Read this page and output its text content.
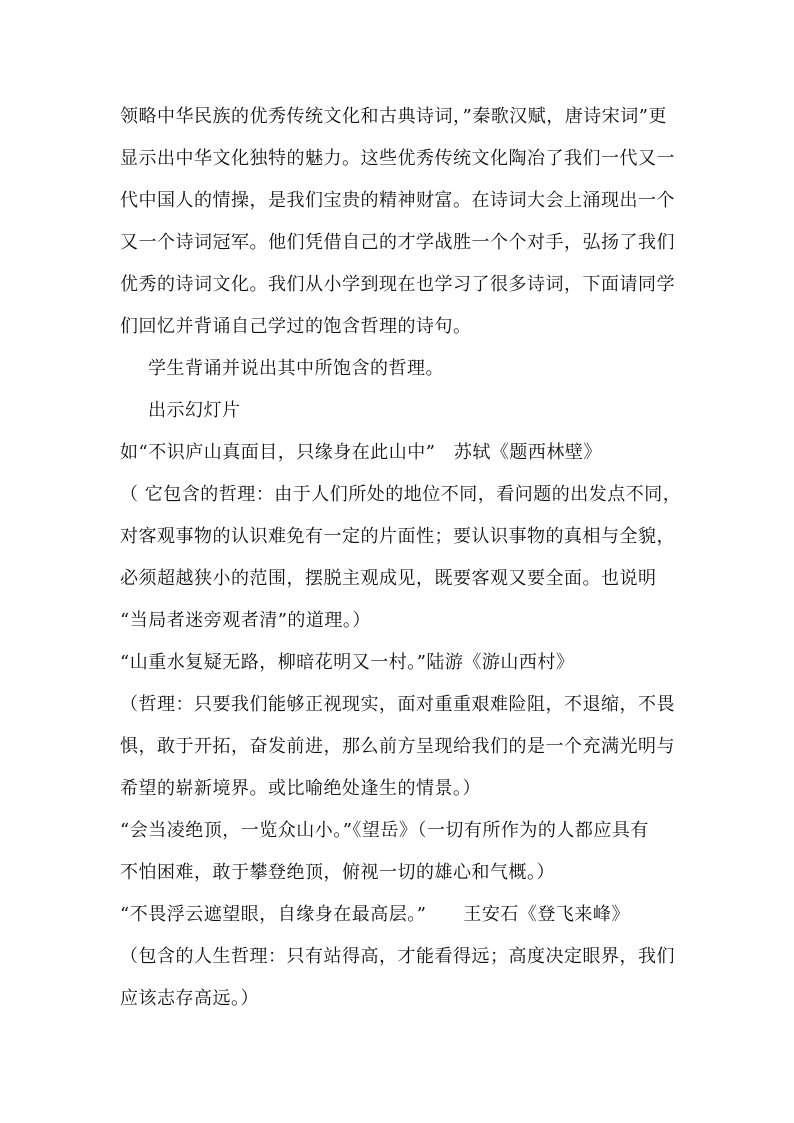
领略中华民族的优秀传统文化和古典诗词，”秦歌汉赋，唐诗宋词”更
显示出中华文化独特的魅力。这些优秀传统文化陶冶了我们一代又一
代中国人的情操，是我们宝贵的精神财富。在诗词大会上涌现出一个
又一个诗词冠军。他们凭借自己的才学战胜一个个对手，弘扬了我们
优秀的诗词文化。我们从小学到现在也学习了很多诗词，下面请同学
们回忆并背诵自己学过的饱含哲理的诗句。
学生背诵并说出其中所饱含的哲理。
出示幻灯片
如“不识庐山真面目，只缘身在此山中”　苏轼《题西林壁》
（ 它包含的哲理：由于人们所处的地位不同，看问题的出发点不同，
对客观事物的认识难免有一定的片面性；要认识事物的真相与全貌，
必须超越狭小的范围，摆脱主观成见，既要客观又要全面。也说明
“当局者迷旁观者清”的道理。）
“山重水复疑无路，柳暗花明又一村。”陆游《游山西村》
（哲理：只要我们能够正视现实，面对重重艰难险阻，不退缩，不畏
惧，敢于开拓，奋发前进，那么前方呈现给我们的是一个充满光明与
希望的崭新境界。或比喻绝处逢生的情景。）
“会当凌绝顶，一览众山小。”《望岳》（一切有所作为的人都应具有
不怕困难，敢于攀登绝顶，俯视一切的雄心和气概。）
“不畏浮云遮望眼，自缘身在最高层。”　　王安石《登飞来峰》
（包含的人生哲理：只有站得高，才能看得远；高度决定眼界，我们
应该志存高远。）
